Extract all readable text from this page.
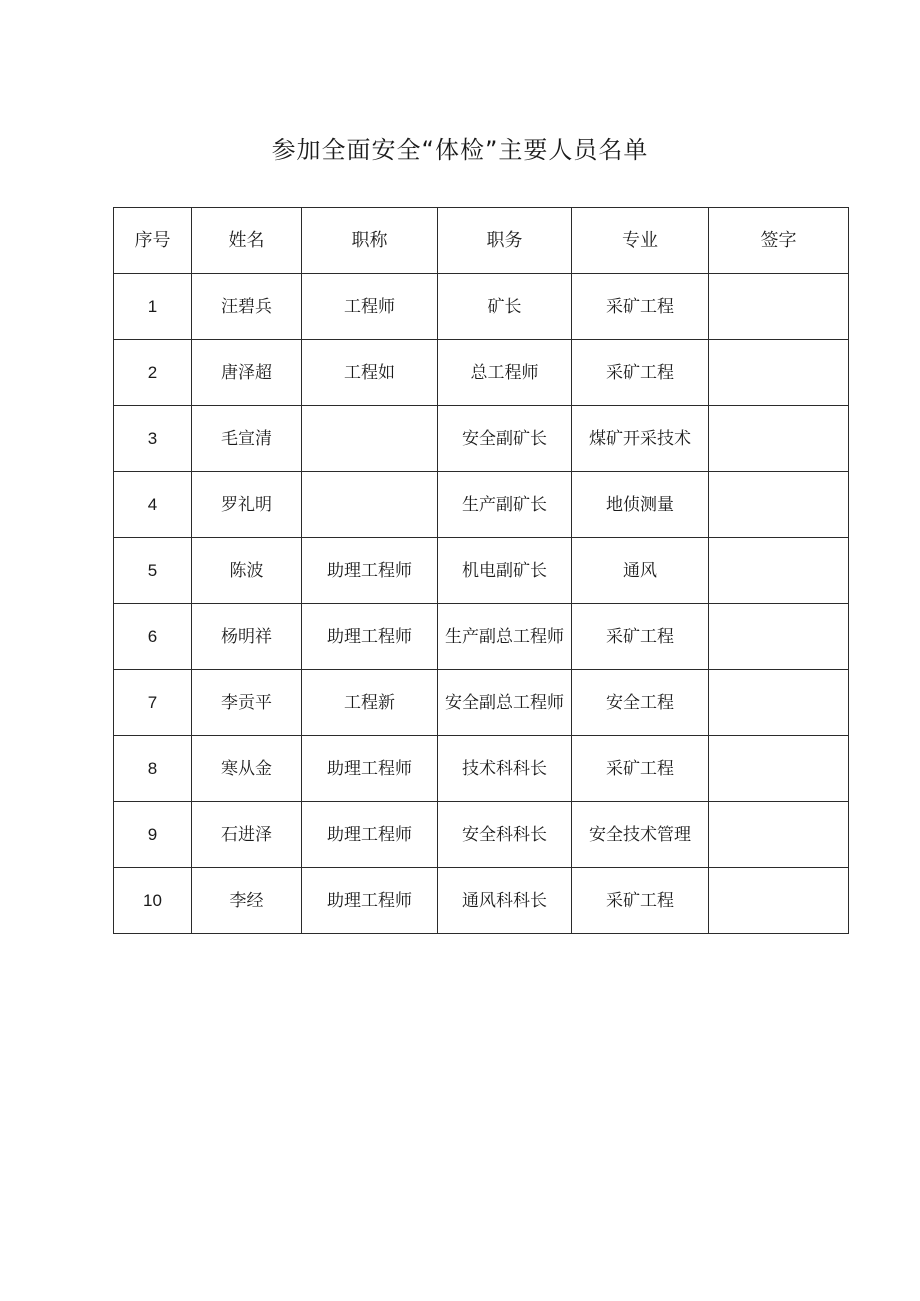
参加全面安全“体检”主要人员名单
序号	姓名	职称	职务	专业	签字
1	汪碧兵	工程师	矿长	采矿工程	
2	唐泽超	工程如	总工程师	采矿工程	
3	毛宣清		安全副矿长	煤矿开采技术	
4	罗礼明		生产副矿长	地侦测量	
5	陈波	助理工程师	机电副矿长	通风	
6	杨明祥	助理工程师	生产副总工程师	采矿工程	
7	李贡平	工程新	安全副总工程师	安全工程	
8	寒从金	助理工程师	技术科科长	采矿工程	
9	石进泽	助理工程师	安全科科长	安全技术管理	
10	李经	助理工程师	通风科科长	采矿工程	
